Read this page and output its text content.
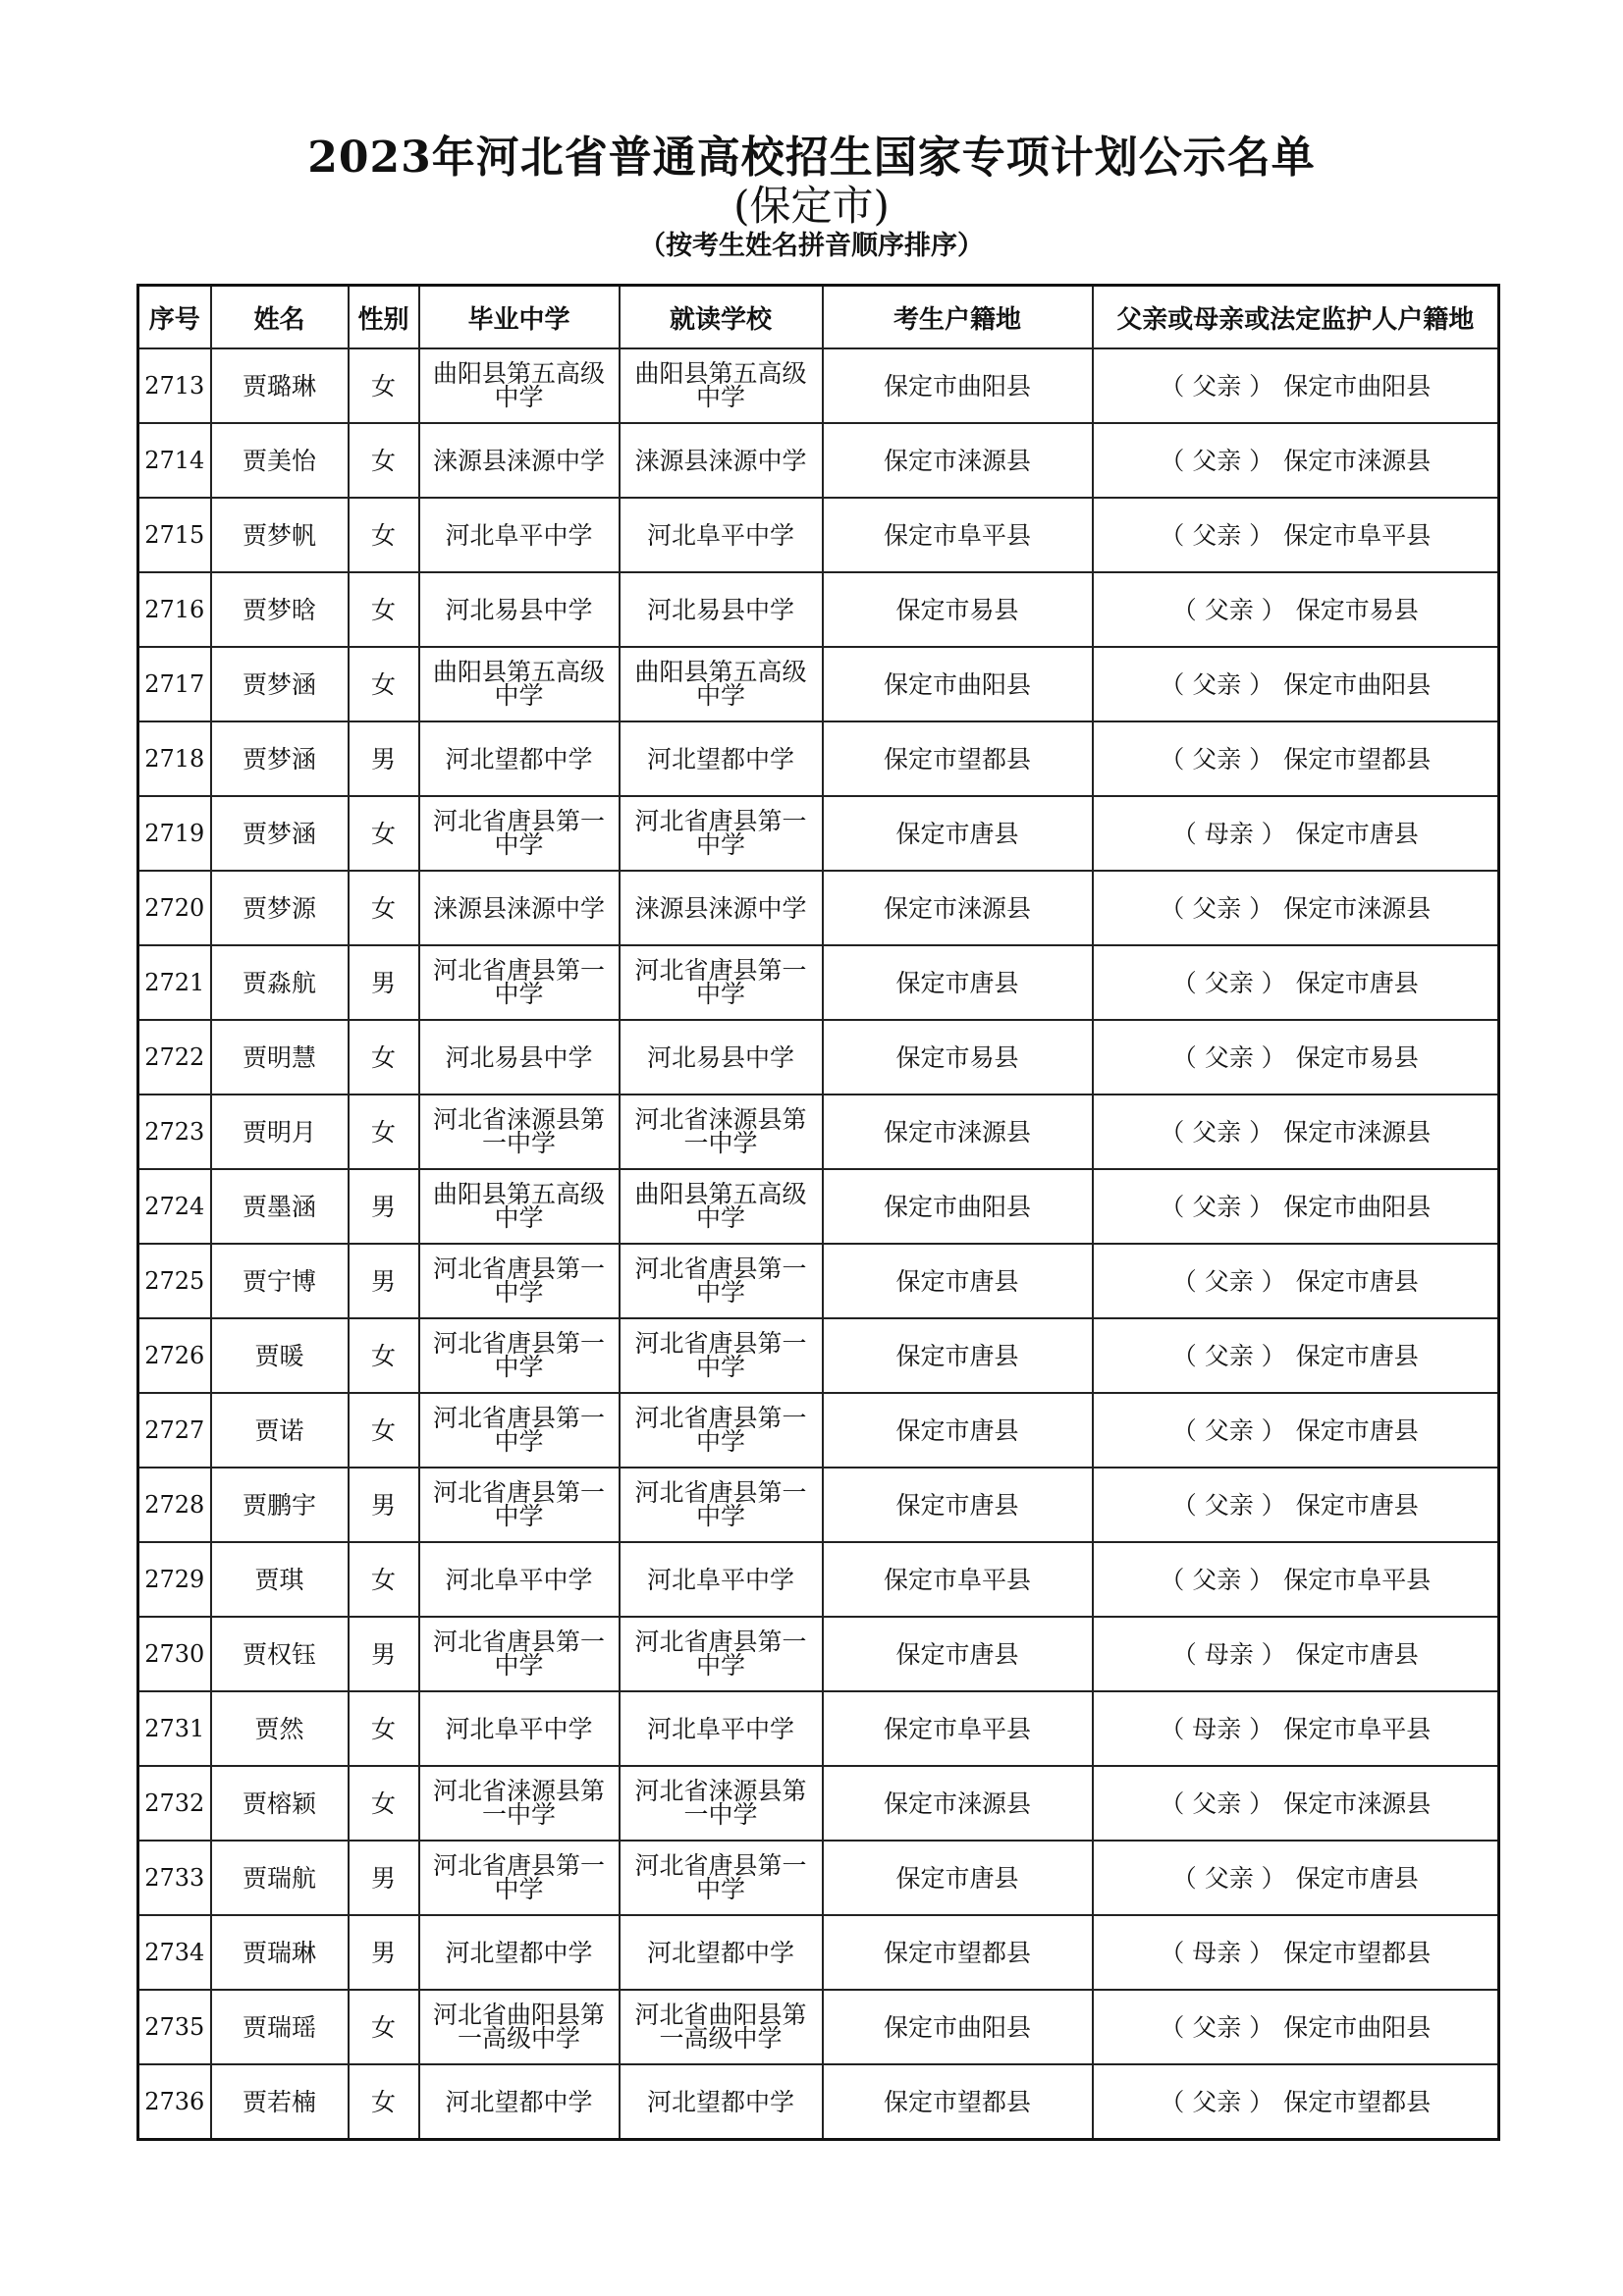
2023年河北省普通高校招生国家专项计划公示名单
(保定市)
（按考生姓名拼音顺序排序）
序号	姓名	性别	毕业中学	就读学校	考生户籍地	父亲或母亲或法定监护人户籍地
2713	贾璐琳	女	曲阳县第五高级中学	曲阳县第五高级中学	保定市曲阳县	（ 父亲 ） 保定市曲阳县
2714	贾美怡	女	涞源县涞源中学	涞源县涞源中学	保定市涞源县	（ 父亲 ） 保定市涞源县
2715	贾梦帆	女	河北阜平中学	河北阜平中学	保定市阜平县	（ 父亲 ） 保定市阜平县
2716	贾梦晗	女	河北易县中学	河北易县中学	保定市易县	（ 父亲 ） 保定市易县
2717	贾梦涵	女	曲阳县第五高级中学	曲阳县第五高级中学	保定市曲阳县	（ 父亲 ） 保定市曲阳县
2718	贾梦涵	男	河北望都中学	河北望都中学	保定市望都县	（ 父亲 ） 保定市望都县
2719	贾梦涵	女	河北省唐县第一中学	河北省唐县第一中学	保定市唐县	（ 母亲 ） 保定市唐县
2720	贾梦源	女	涞源县涞源中学	涞源县涞源中学	保定市涞源县	（ 父亲 ） 保定市涞源县
2721	贾淼航	男	河北省唐县第一中学	河北省唐县第一中学	保定市唐县	（ 父亲 ） 保定市唐县
2722	贾明慧	女	河北易县中学	河北易县中学	保定市易县	（ 父亲 ） 保定市易县
2723	贾明月	女	河北省涞源县第一中学	河北省涞源县第一中学	保定市涞源县	（ 父亲 ） 保定市涞源县
2724	贾墨涵	男	曲阳县第五高级中学	曲阳县第五高级中学	保定市曲阳县	（ 父亲 ） 保定市曲阳县
2725	贾宁博	男	河北省唐县第一中学	河北省唐县第一中学	保定市唐县	（ 父亲 ） 保定市唐县
2726	贾暖	女	河北省唐县第一中学	河北省唐县第一中学	保定市唐县	（ 父亲 ） 保定市唐县
2727	贾诺	女	河北省唐县第一中学	河北省唐县第一中学	保定市唐县	（ 父亲 ） 保定市唐县
2728	贾鹏宇	男	河北省唐县第一中学	河北省唐县第一中学	保定市唐县	（ 父亲 ） 保定市唐县
2729	贾琪	女	河北阜平中学	河北阜平中学	保定市阜平县	（ 父亲 ） 保定市阜平县
2730	贾权钰	男	河北省唐县第一中学	河北省唐县第一中学	保定市唐县	（ 母亲 ） 保定市唐县
2731	贾然	女	河北阜平中学	河北阜平中学	保定市阜平县	（ 母亲 ） 保定市阜平县
2732	贾榕颖	女	河北省涞源县第一中学	河北省涞源县第一中学	保定市涞源县	（ 父亲 ） 保定市涞源县
2733	贾瑞航	男	河北省唐县第一中学	河北省唐县第一中学	保定市唐县	（ 父亲 ） 保定市唐县
2734	贾瑞琳	男	河北望都中学	河北望都中学	保定市望都县	（ 母亲 ） 保定市望都县
2735	贾瑞瑶	女	河北省曲阳县第一高级中学	河北省曲阳县第一高级中学	保定市曲阳县	（ 父亲 ） 保定市曲阳县
2736	贾若楠	女	河北望都中学	河北望都中学	保定市望都县	（ 父亲 ） 保定市望都县
